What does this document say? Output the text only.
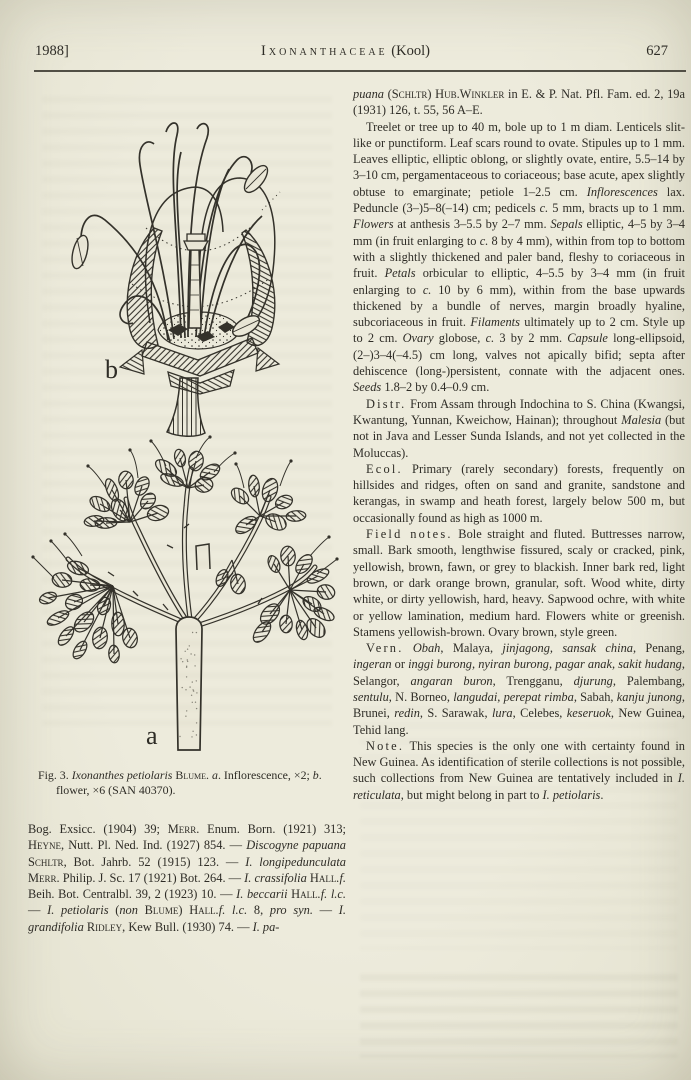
1988]	Ixonanthaceae (Kool)	627
b
a

Fig. 3. Ixonanthes petiolaris Blume. a. Inflorescence, ×2; b. flower, ×6 (SAN 40370).

Bog. Exsicc. (1904) 39; Merr. Enum. Born. (1921) 313; Heyne, Nutt. Pl. Ned. Ind. (1927) 854. — Discogyne papuana Schltr, Bot. Jahrb. 52 (1915) 123. — I. longipedunculata Merr. Philip. J. Sc. 17 (1921) Bot. 264. — I. crassifolia Hall.f. Beih. Bot. Centralbl. 39, 2 (1923) 10. — I. beccarii Hall.f. l.c. — I. petiolaris (non Blume) Hall.f. l.c. 8, pro syn. — I. grandifolia Ridley, Kew Bull. (1930) 74. — I. pa-

puana (Schltr) Hub.Winkler in E. & P. Nat. Pfl. Fam. ed. 2, 19a (1931) 126, t. 55, 56 A–E.

Treelet or tree up to 40 m, bole up to 1 m diam. Lenticels slit-like or punctiform. Leaf scars round to ovate. Stipules up to 1 mm. Leaves elliptic, elliptic oblong, or slightly ovate, entire, 5.5–14 by 3–10 cm, pergamentaceous to coriaceous; base acute, apex slightly obtuse to emarginate; petiole 1–2.5 cm. Inflorescences lax. Peduncle (3–)5–8(–14) cm; pedicels c. 5 mm, bracts up to 1 mm. Flowers at anthesis 3–5.5 by 2–7 mm. Sepals elliptic, 4–5 by 3–4 mm (in fruit enlarging to c. 8 by 4 mm), within from top to bottom with a slightly thickened and paler band, fleshy to coriaceous in fruit. Petals orbicular to elliptic, 4–5.5 by 3–4 mm (in fruit enlarging to c. 10 by 6 mm), within from the base upwards thickened by a bundle of nerves, margin broadly hyaline, subcoriaceous in fruit. Filaments ultimately up to 2 cm. Style up to 2 cm. Ovary globose, c. 3 by 2 mm. Capsule long-ellipsoid, (2–)3–4(–4.5) cm long, valves not apically bifid; septa after dehiscence (long-)persistent, connate with the adjacent ones. Seeds 1.8–2 by 0.4–0.9 cm.

Distr. From Assam through Indochina to S. China (Kwangsi, Kwantung, Yunnan, Kweichow, Hainan); throughout Malesia (but not in Java and Lesser Sunda Islands, and not yet collected in the Moluccas).

Ecol. Primary (rarely secondary) forests, frequently on hillsides and ridges, often on sand and granite, sandstone and kerangas, in swamp and heath forest, largely below 500 m, but occasionally found as high as 1000 m.

Field notes. Bole straight and fluted. Buttresses narrow, small. Bark smooth, lengthwise fissured, scaly or cracked, pink, yellowish, brown, fawn, or grey to blackish. Inner bark red, light brown, or dark orange brown, granular, soft. Wood white, dirty white, or dirty yellowish, hard, heavy. Sapwood ochre, with white or yellow lamination, medium hard. Flowers white or greenish. Stamens yellowish-brown. Ovary brown, style green.

Vern. Obah, Malaya, jinjagong, sansak china, Penang, ingeran or inggi burong, nyiran burong, pagar anak, sakit hudang, Selangor, angaran buron, Trengganu, djurung, Palembang, sentulu, N. Borneo, langudai, perepat rimba, Sabah, kanju junong, Brunei, redin, S. Sarawak, lura, Celebes, keseruok, New Guinea, Tehid lang.

Note. This species is the only one with certainty found in New Guinea. As identification of sterile collections is not possible, such collections from New Guinea are tentatively included in I. reticulata, but might belong in part to I. petiolaris.
